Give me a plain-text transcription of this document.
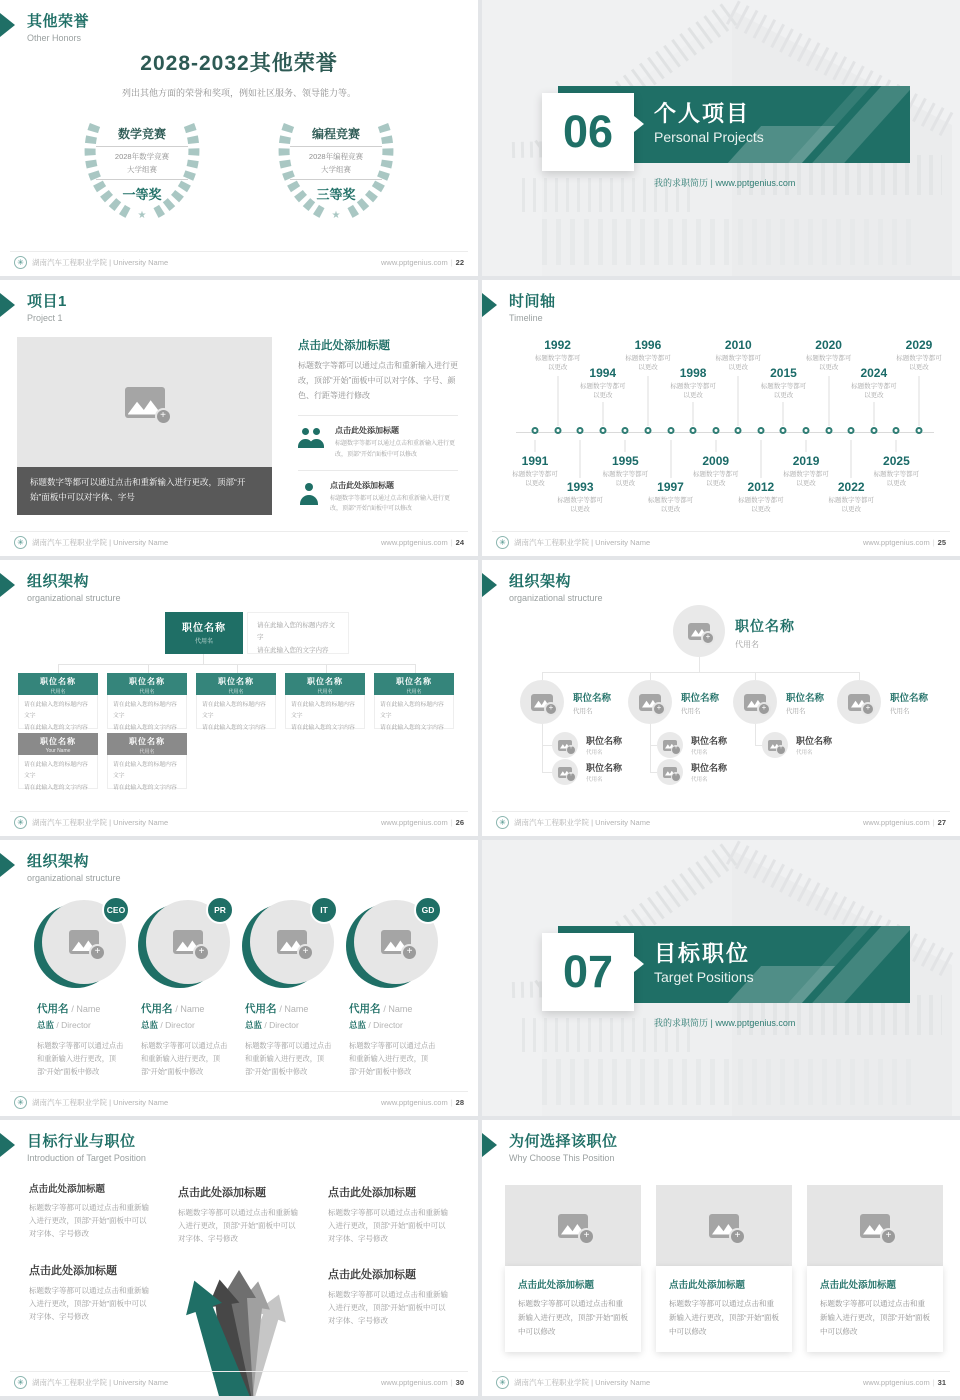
其他荣誉
Other Honors
2028-2032其他荣誉
列出其他方面的荣誉和奖项，例如社区服务、领导能力等。
数学竞赛
2028年数学竞赛
大学组赛
一等奖
★
编程竞赛
2028年编程竞赛
大学组赛
三等奖
★
✳	湖南汽车工程职业学院 | University Name	www.pptgenius.com | 22
个人项目
Personal Projects
06
我的求职简历 | www.pptgenius.com
项目1
Project 1
+
标题数字等都可以通过点击和重新输入进行更改，顶部“开始”面板中可以对字体、字号
点击此处添加标题
标题数字等都可以通过点击和重新输入进行更改，顶部“开始”面板中可以对字体、字号、颜色、行距等进行修改
点击此处添加标题
标题数字等都可以通过点击和重新输入进行更改，顶部“开始”面板中可以修改
点击此处添加标题
标题数字等都可以通过点击和重新输入进行更改，顶部“开始”面板中可以修改
✳	湖南汽车工程职业学院 | University Name	www.pptgenius.com | 24
时间轴
Timeline
1991
标题数字等都可以更改
1992
标题数字等都可以更改
1993
标题数字等都可以更改
1994
标题数字等都可以更改
1995
标题数字等都可以更改
1996
标题数字等都可以更改
1997
标题数字等都可以更改
1998
标题数字等都可以更改
2009
标题数字等都可以更改
2010
标题数字等都可以更改
2012
标题数字等都可以更改
2015
标题数字等都可以更改
2019
标题数字等都可以更改
2020
标题数字等都可以更改
2022
标题数字等都可以更改
2024
标题数字等都可以更改
2025
标题数字等都可以更改
2029
标题数字等都可以更改
✳	湖南汽车工程职业学院 | University Name	www.pptgenius.com | 25
组织架构
organizational structure
职位名称
代用名
请在此输入您的标题内容文字
请在此输入您的文字内容
职位名称
代用名
请在此输入您的标题内容文字
请在此输入您的文字内容
职位名称
代用名
请在此输入您的标题内容文字
请在此输入您的文字内容
职位名称
代用名
请在此输入您的标题内容文字
请在此输入您的文字内容
职位名称
代用名
请在此输入您的标题内容文字
请在此输入您的文字内容
职位名称
代用名
请在此输入您的标题内容文字
请在此输入您的文字内容
职位名称
Your Name
请在此输入您的标题内容文字
请在此输入您的文字内容
职位名称
代用名
请在此输入您的标题内容文字
请在此输入您的文字内容
✳	湖南汽车工程职业学院 | University Name	www.pptgenius.com | 26
组织架构
organizational structure
+
职位名称
代用名
+
职位名称
代用名
+
职位名称
代用名
+
职位名称
代用名
+
职位名称
代用名
+
职位名称
代用名
+
职位名称
代用名
+
职位名称
代用名
+
职位名称
代用名
+
职位名称
代用名
✳	湖南汽车工程职业学院 | University Name	www.pptgenius.com | 27
组织架构
organizational structure
+
CEO
代用名 / Name
总监 / Director
标题数字等都可以通过点击和重新输入进行更改，顶部“开始”面板中修改
+
PR
代用名 / Name
总监 / Director
标题数字等都可以通过点击和重新输入进行更改，顶部“开始”面板中修改
+
IT
代用名 / Name
总监 / Director
标题数字等都可以通过点击和重新输入进行更改，顶部“开始”面板中修改
+
GD
代用名 / Name
总监 / Director
标题数字等都可以通过点击和重新输入进行更改，顶部“开始”面板中修改
✳	湖南汽车工程职业学院 | University Name	www.pptgenius.com | 28
目标职位
Target Positions
07
我的求职简历 | www.pptgenius.com
目标行业与职位
Introduction of Target Position
点击此处添加标题
标题数字等都可以通过点击和重新输入进行更改，顶部“开始”面板中可以对字体、字号修改
点击此处添加标题
标题数字等都可以通过点击和重新输入进行更改，顶部“开始”面板中可以对字体、字号修改
点击此处添加标题
标题数字等都可以通过点击和重新输入进行更改，顶部“开始”面板中可以对字体、字号修改
点击此处添加标题
标题数字等都可以通过点击和重新输入进行更改，顶部“开始”面板中可以对字体、字号修改
点击此处添加标题
标题数字等都可以通过点击和重新输入进行更改，顶部“开始”面板中可以对字体、字号修改
✳	湖南汽车工程职业学院 | University Name	www.pptgenius.com | 30
为何选择该职位
Why Choose This Position
+
点击此处添加标题
标题数字等都可以通过点击和重新输入进行更改，顶部“开始”面板中可以修改
+
点击此处添加标题
标题数字等都可以通过点击和重新输入进行更改，顶部“开始”面板中可以修改
+
点击此处添加标题
标题数字等都可以通过点击和重新输入进行更改，顶部“开始”面板中可以修改
✳	湖南汽车工程职业学院 | University Name	www.pptgenius.com | 31
